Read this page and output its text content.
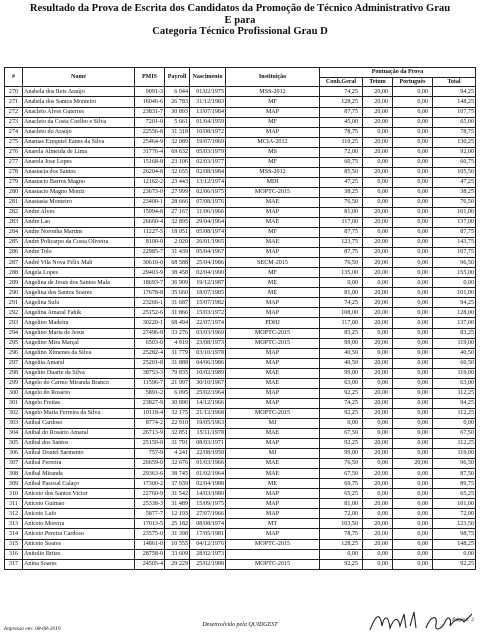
Resultado da Prova de Escrita dos Candidatos da Promoção de Técnico Administrativo Grau
E para
Categoria Técnico Profissional Grau D
#	Nome	PMIS	Payroll	Nascimento	Instituição	Pontuação da Prova			
						Conh.Geral	Tetum	Português	Total
270	Anabela dos Reis Araújo	9091-3	6 044	01/02/1975	MSS-2012	74,25	20,00	0,00	94,25
271	Anabela dos Santos Monteiro	16046-6	26 783	31/12/1983	MF	128,25	20,00	0,00	148,25
272	Anacleto Alves Guterres	23831-7	30 893	13/07/1984	MAP	87,75	20,00	0,00	107,75
273	Anacleto da Costa Coelho e Silva	7201-0	5 661	01/04/1959	MF	45,00	20,00	0,00	65,00
274	Anacleto do Araújo	22556-8	31 318	10/08/1972	MAP	78,75	0,00	0,00	78,75
275	Ananias Ezequiel Eanes da Silva	25464-9	32 089	19/07/1969	MCIA-2012	110,25	20,00	0,00	130,25
276	Anarela Almeida de Lima	31776-4	69 632	05/03/1979	MS	72,00	20,00	0,00	92,00
277	Anarela Jose Lopes	15168-8	23 106	02/03/1977	MF	60,75	0,00	0,00	60,75
278	Anastacia dos Santos	26204-8	32 655	02/08/1984	MSS-2012	85,50	20,00	0,00	105,50
279	Anastacio Barros Magno	12162-2	23 443	13/12/1974	MDI	47,25	0,00	0,00	47,25
280	Anastacio Magno Moniz	23673-0	27 999	02/06/1975	MOPTC-2015	38,25	0,00	0,00	38,25
281	Anastasia Monteiro	23400-1	28 666	07/08/1976	MAE	76,50	0,00	0,00	76,50
282	Andre Alves	15994-8	27 167	11/06/1966	MAP	81,00	20,00	0,00	101,00
283	Andre Lao	26660-4	32 895	29/04/1964	MAE	117,00	20,00	0,00	137,00
284	Andre Noronha Martins	11227-5	18 051	05/08/1974	MF	87,75	0,00	0,00	87,75
285	André Policarpo da Costa Oliveira	8100-0	2 020	26/01/1965	MAE	123,75	20,00	0,00	143,75
286	Andre Tolo	22985-7	31 439	05/04/1967	MAP	87,75	20,00	0,00	107,75
287	André Vila Nova Félix Mali	30610-0	68 588	25/04/1986	SECM-2015	76,50	20,00	0,00	96,50
288	Angela Lopes	29403-9	38 458	02/04/1990	MF	135,00	20,00	0,00	155,00
289	Angelina de Jesus dos Santos Mala	18693-7	36 909	19/12/1987	ME	0,00	0,00	0,00	0,00
290	Angelina dos Santos Soares	17678-8	35 660	18/07/1985	ME	81,00	20,00	0,00	101,00
291	Angelina Sufa	23266-1	31 687	15/07/1982	MAP	74,25	20,00	0,00	94,25
292	Angelina Amaral Fahik	25152-6	31 866	15/03/1972	MAP	108,00	20,00	0,00	128,00
293	Angelino Madeira	30220-1	68 494	22/07/1974	PDHJ	117,00	20,00	0,00	137,00
294	Angelino Maria de Jesus	27496-8	33 276	03/03/1969	MOPTC-2015	83,25	0,00	0,00	83,25
295	Angelino Mira Marçal	6503-0	4 919	23/08/1973	MOPTC-2015	99,00	20,00	0,00	119,00
296	Angelino Ximenes da Silva	25282-4	31 779	03/10/1978	MAP	40,50	0,00	0,00	40,50
297	Angelita Amaral	25201-8	31 888	04/06/1986	MAP	40,50	20,00	0,00	60,50
298	Angelito Duarte da Silva	38753-3	79 835	10/02/1989	MAE	99,00	20,00	0,00	119,00
299	Ângelo do Carmo Miranda Branco	11596-7	21 997	30/10/1967	MAE	63,00	0,00	0,00	63,00
300	Angelo do Rosário	5891-2	6 095	25/02/1964	MAP	92,25	20,00	0,00	112,25
301	Angelo Freitas	23827-9	30 890	14/12/1966	MAP	74,25	20,00	0,00	94,25
302	Angelo Maria Ferreira da Silva	10118-4	32 175	21/12/1968	MOPTC-2015	92,25	20,00	0,00	112,25
303	Anibal Cardoso	8774-2	22 910	19/05/1963	MJ	0,00	0,00	0,00	0,00
304	Anibal do Rosário Amaral	26713-9	32 851	15/11/1978	MAE	67,50	0,00	0,00	67,50
305	Anibal dos Santos	25150-0	31 791	08/03/1971	MAP	92,25	20,00	0,00	112,25
306	Aníbal Doutel Sarmento	757-9	4 241	22/08/1958	MJ	99,00	20,00	0,00	119,00
307	Anibal Ferreira	26659-0	32 676	01/03/1966	MAE	76,50	0,00	20,00	96,50
308	Anibal Miranda	29363-6	38 745	01/02/1964	MAE	67,50	20,00	0,00	87,50
309	Anibal Pascoal Calaço	17300-2	37 039	02/04/1988	ME	69,75	20,00	0,00	89,75
310	Aniceto dos Santos Victor	22760-9	31 542	14/03/1980	MAP	65,25	0,00	0,00	65,25
311	Aniceto Guimao	25338-3	31 489	15/09/1975	MAP	81,00	20,00	0,00	101,00
312	Aniceto Lafo	5877-7	12 193	27/07/1966	MAP	72,00	0,00	0,00	72,00
313	Aniceto Moreira	17013-5	25 182	08/08/1974	MT	103,50	20,00	0,00	123,50
314	Aniceto Pereira Cardoso	23575-0	31 398	17/05/1981	MAP	78,75	20,00	0,00	98,75
315	Aniceto Soares	14861-0	10 555	04/12/1976	MOPTC-2015	128,25	20,00	0,00	148,25
316	Anitolio Brites	28758-0	33 609	28/02/1973		0,00	0,00	0,00	0,00
317	Anina Soares	24505-4	29 229	25/02/1988	MOPTC-2015	92,25	0,00	0,00	92,25
Impresso em: 08-08-2019
Desenvolvido pela QUIDGEST
Página: 2
